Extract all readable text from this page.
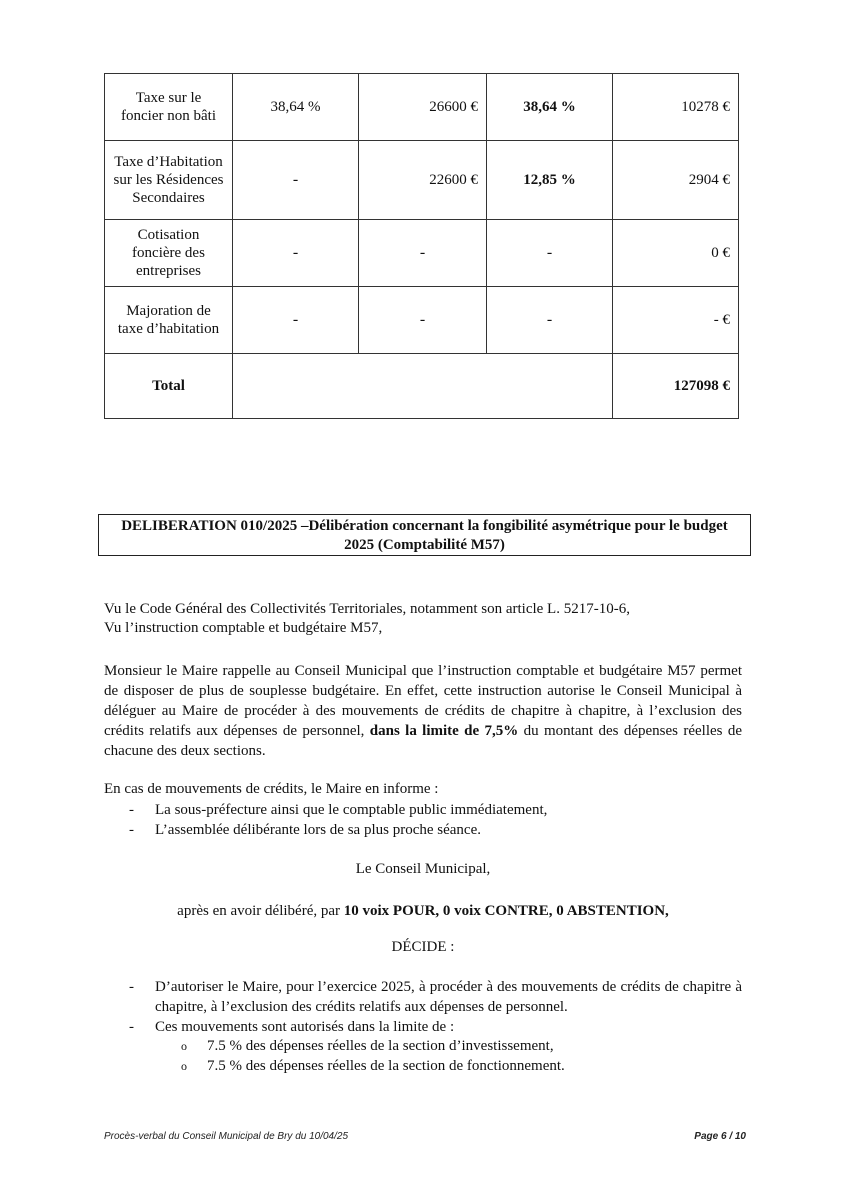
Taxe sur le foncier non bâti	38,64 %	26600 €	38,64 %	10278 €
Taxe d’Habitation sur les Résidences Secondaires	-	22600 €	12,85 %	2904 €
Cotisation foncière des entreprises	-	-	-	0 €
Majoration de taxe d’habitation	-	-	-	- €
Total				127098 €
DELIBERATION 010/2025 –Délibération concernant la fongibilité asymétrique pour le budget
2025 (Comptabilité M57)
Vu le Code Général des Collectivités Territoriales, notamment son article L. 5217-10-6,
Vu l’instruction comptable et budgétaire M57,
Monsieur le Maire rappelle au Conseil Municipal que l’instruction comptable et budgétaire M57 permet de disposer de plus de souplesse budgétaire. En effet, cette instruction autorise le Conseil Municipal à déléguer au Maire de procéder à des mouvements de crédits de chapitre à chapitre, à l’exclusion des crédits relatifs aux dépenses de personnel, dans la limite de 7,5% du montant des dépenses réelles de chacune des deux sections.
En cas de mouvements de crédits, le Maire en informe :
- La sous-préfecture ainsi que le comptable public immédiatement,
- L’assemblée délibérante lors de sa plus proche séance.
Le Conseil Municipal,
après en avoir délibéré, par 10 voix POUR, 0 voix CONTRE, 0 ABSTENTION,
DÉCIDE :
- D’autoriser le Maire, pour l’exercice 2025, à procéder à des mouvements de crédits de chapitre à chapitre, à l’exclusion des crédits relatifs aux dépenses de personnel.
- Ces mouvements sont autorisés dans la limite de :
o 7.5 % des dépenses réelles de la section d’investissement,
o 7.5 % des dépenses réelles de la section de fonctionnement.
Procès-verbal du Conseil Municipal de Bry du 10/04/25	Page 6 / 10
